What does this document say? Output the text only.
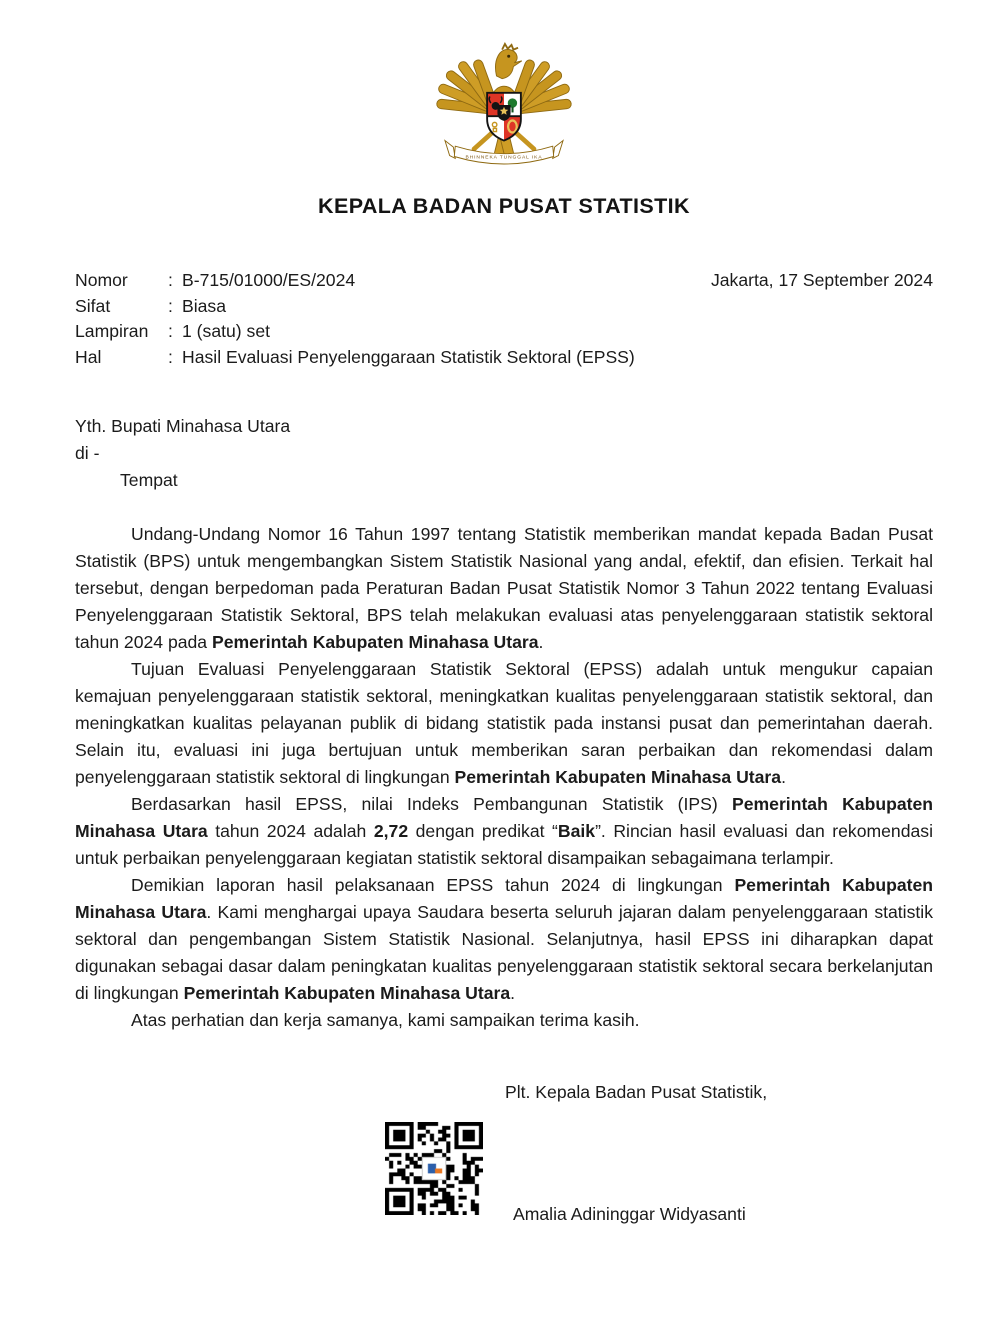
BHINNEKA TUNGGAL IKA
KEPALA BADAN PUSAT STATISTIK
Nomor	: B-715/01000/ES/2024
Sifat	: Biasa
Lampiran	: 1 (satu) set
Hal	: Hasil Evaluasi Penyelenggaraan Statistik Sektoral (EPSS)
Jakarta, 17 September 2024
Yth. Bupati Minahasa Utara
di -
Tempat

Undang-Undang Nomor 16 Tahun 1997 tentang Statistik memberikan mandat kepada Badan Pusat Statistik (BPS) untuk mengembangkan Sistem Statistik Nasional yang andal, efektif, dan efisien. Terkait hal tersebut, dengan berpedoman pada Peraturan Badan Pusat Statistik Nomor 3 Tahun 2022 tentang Evaluasi Penyelenggaraan Statistik Sektoral, BPS telah melakukan evaluasi atas penyelenggaraan statistik sektoral tahun 2024 pada Pemerintah Kabupaten Minahasa Utara.

Tujuan Evaluasi Penyelenggaraan Statistik Sektoral (EPSS) adalah untuk mengukur capaian kemajuan penyelenggaraan statistik sektoral, meningkatkan kualitas penyelenggaraan statistik sektoral, dan meningkatkan kualitas pelayanan publik di bidang statistik pada instansi pusat dan pemerintahan daerah. Selain itu, evaluasi ini juga bertujuan untuk memberikan saran perbaikan dan rekomendasi dalam penyelenggaraan statistik sektoral di lingkungan Pemerintah Kabupaten Minahasa Utara.

Berdasarkan hasil EPSS, nilai Indeks Pembangunan Statistik (IPS) Pemerintah Kabupaten Minahasa Utara tahun 2024 adalah 2,72 dengan predikat “Baik”. Rincian hasil evaluasi dan rekomendasi untuk perbaikan penyelenggaraan kegiatan statistik sektoral disampaikan sebagaimana terlampir.

Demikian laporan hasil pelaksanaan EPSS tahun 2024 di lingkungan Pemerintah Kabupaten Minahasa Utara. Kami menghargai upaya Saudara beserta seluruh jajaran dalam penyelenggaraan statistik sektoral dan pengembangan Sistem Statistik Nasional. Selanjutnya, hasil EPSS ini diharapkan dapat digunakan sebagai dasar dalam peningkatan kualitas penyelenggaraan statistik sektoral secara berkelanjutan di lingkungan Pemerintah Kabupaten Minahasa Utara.

Atas perhatian dan kerja samanya, kami sampaikan terima kasih.

Plt. Kepala Badan Pusat Statistik,
Amalia Adininggar Widyasanti
